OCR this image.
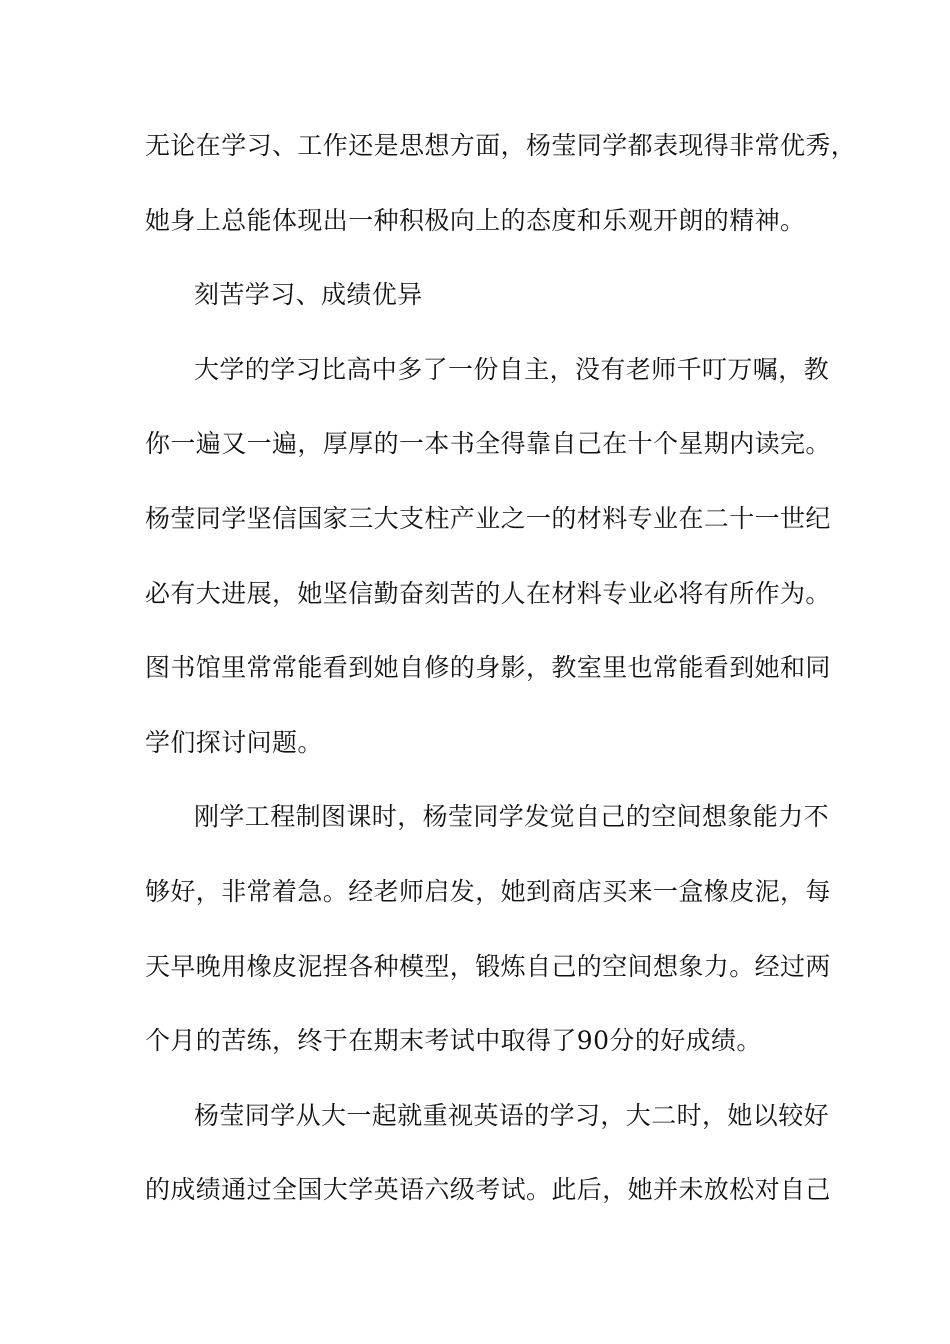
无论在学习、工作还是思想方面，杨莹同学都表现得非常优秀，
她身上总能体现出一种积极向上的态度和乐观开朗的精神。
刻苦学习、成绩优异
大学的学习比高中多了一份自主，没有老师千叮万嘱，教
你一遍又一遍，厚厚的一本书全得靠自己在十个星期内读完。
杨莹同学坚信国家三大支柱产业之一的材料专业在二十一世纪
必有大进展，她坚信勤奋刻苦的人在材料专业必将有所作为。
图书馆里常常能看到她自修的身影，教室里也常能看到她和同
学们探讨问题。
刚学工程制图课时，杨莹同学发觉自己的空间想象能力不
够好，非常着急。经老师启发，她到商店买来一盒橡皮泥，每
天早晚用橡皮泥捏各种模型，锻炼自己的空间想象力。经过两
个月的苦练，终于在期末考试中取得了90分的好成绩。
杨莹同学从大一起就重视英语的学习，大二时，她以较好
的成绩通过全国大学英语六级考试。此后，她并未放松对自己
